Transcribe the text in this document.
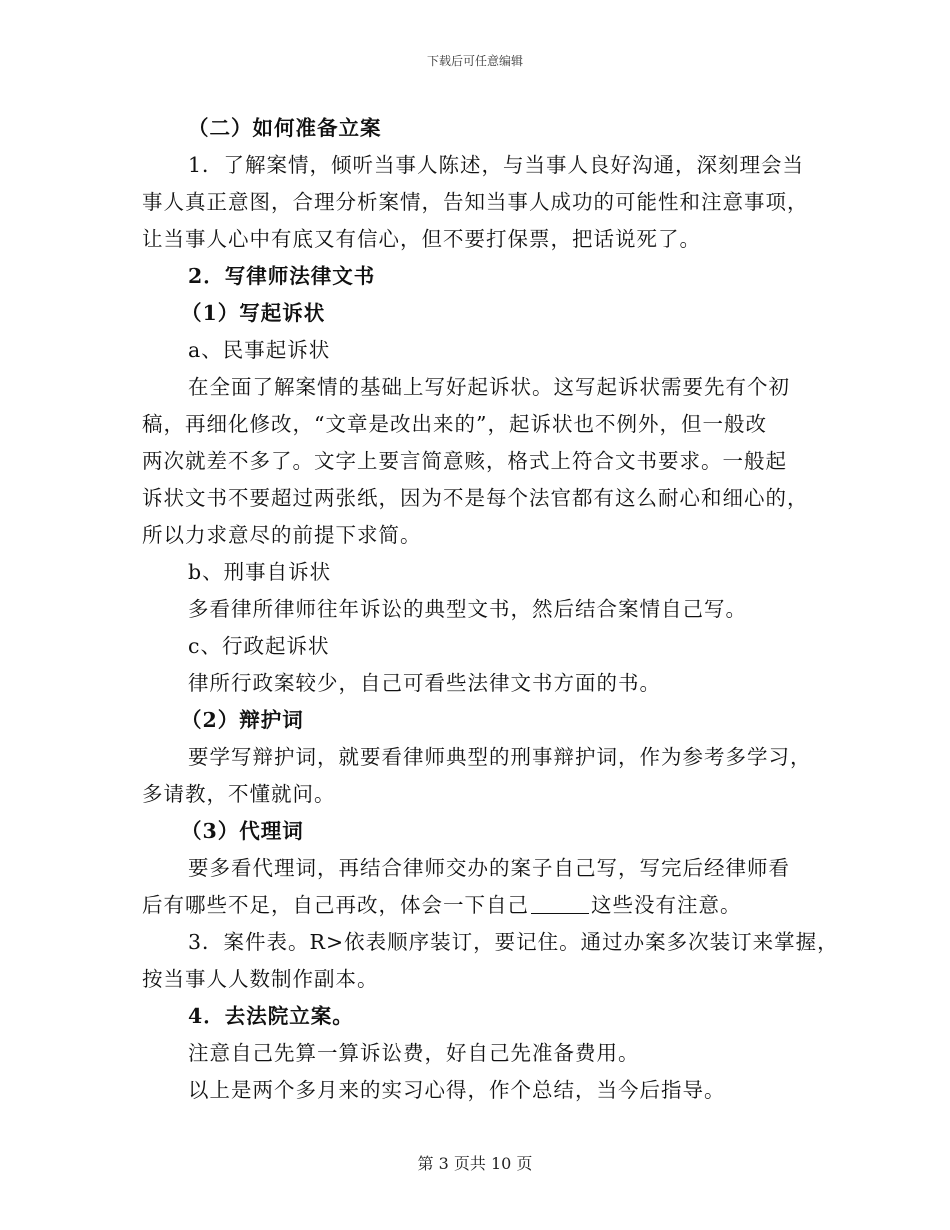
下载后可任意编辑
（二）如何准备立案
1．了解案情，倾听当事人陈述，与当事人良好沟通，深刻理会当
事人真正意图，合理分析案情，告知当事人成功的可能性和注意事项，
让当事人心中有底又有信心，但不要打保票，把话说死了。
2．写律师法律文书
（1）写起诉状
a、民事起诉状
在全面了解案情的基础上写好起诉状。这写起诉状需要先有个初
稿，再细化修改，“文章是改出来的”，起诉状也不例外，但一般改
两次就差不多了。文字上要言简意赅，格式上符合文书要求。一般起
诉状文书不要超过两张纸，因为不是每个法官都有这么耐心和细心的，
所以力求意尽的前提下求简。
b、刑事自诉状
多看律所律师往年诉讼的典型文书，然后结合案情自己写。
c、行政起诉状
律所行政案较少，自己可看些法律文书方面的书。
（2）辩护词
要学写辩护词，就要看律师典型的刑事辩护词，作为参考多学习，
多请教，不懂就问。
（3）代理词
要多看代理词，再结合律师交办的案子自己写，写完后经律师看
后有哪些不足，自己再改，体会一下自己	这些没有注意。
3．案件表。R>依表顺序装订，要记住。通过办案多次装订来掌握，
按当事人人数制作副本。
4．去法院立案。
注意自己先算一算诉讼费，好自己先准备费用。
以上是两个多月来的实习心得，作个总结，当今后指导。
第 3 页共 10 页
